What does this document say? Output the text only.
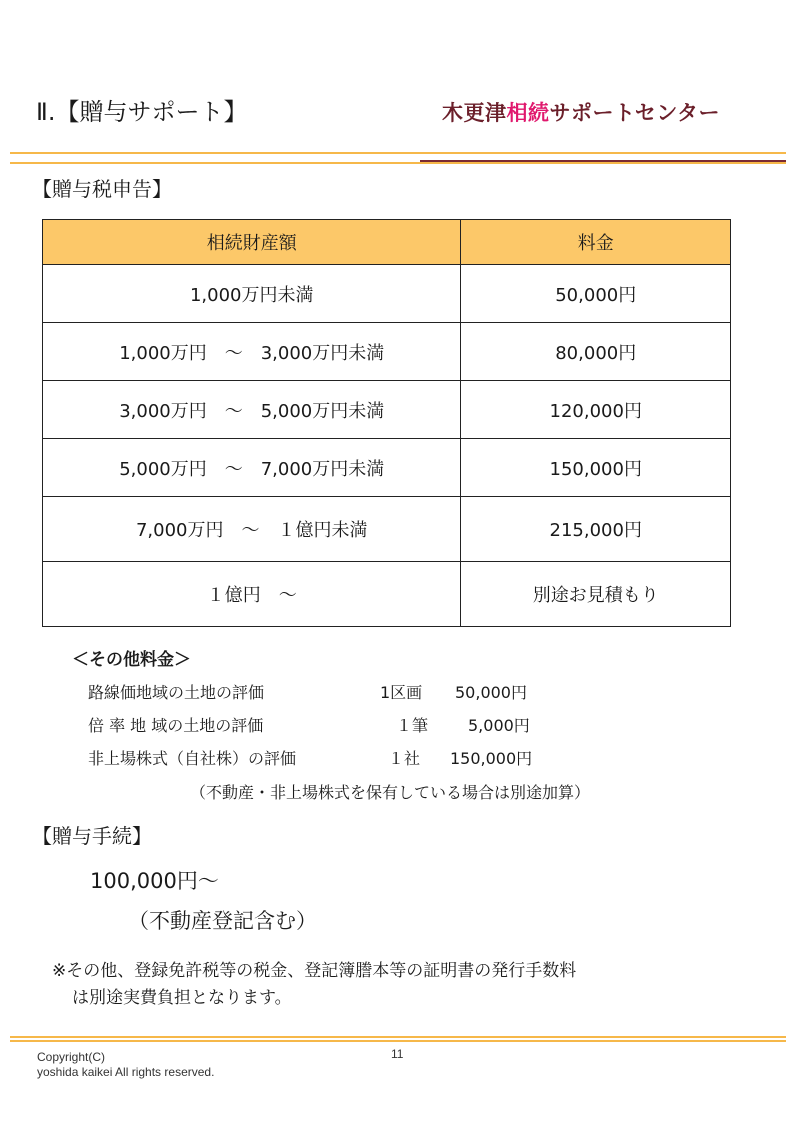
Ⅱ.【贈与サポート】	木更津相続サポートセンター
【贈与税申告】
相続財産額	料金
1,000万円未満	50,000円
1,000万円　～　3,000万円未満	80,000円
3,000万円　～　5,000万円未満	120,000円
5,000万円　～　7,000万円未満	150,000円
7,000万円　～　１億円未満	215,000円
１億円　～	別途お見積もり
＜その他料金＞
路線価地域の土地の評価	1区画 50,000円
倍 率 地 域の土地の評価	１筆 5,000円
非上場株式（自社株）の評価	１社 150,000円
（不動産・非上場株式を保有している場合は別途加算）
【贈与手続】
100,000円～
（不動産登記含む）
※その他、登録免許税等の税金、登記簿謄本等の証明書の発行手数料
は別途実費負担となります。
Copyright(C)
yoshida kaikei All rights reserved.
11
